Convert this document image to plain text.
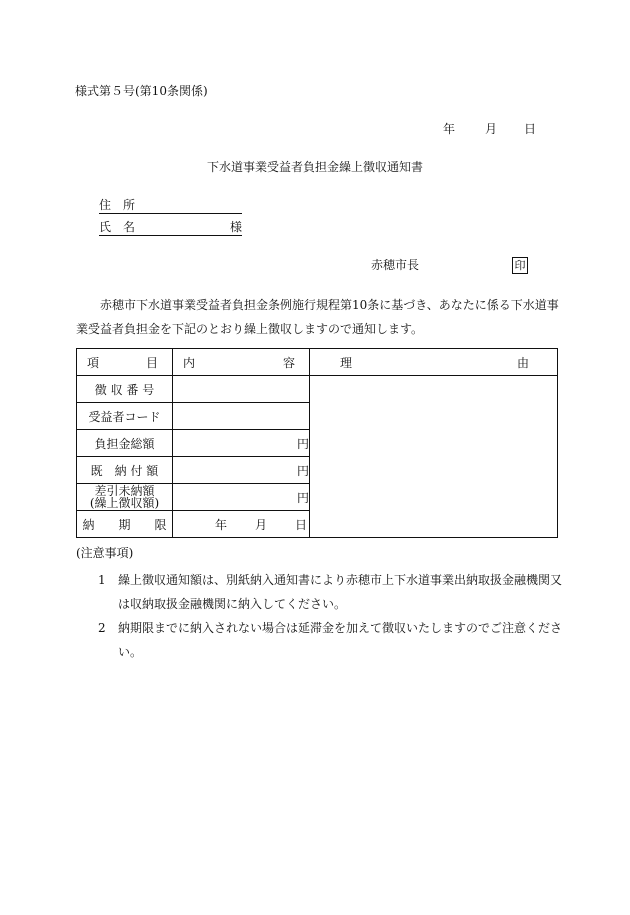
様式第５号(第10条関係)
年	月 日
下水道事業受益者負担金繰上徴収通知書
住　所
氏　名	様
赤穂市長	印
赤穂市下水道事業受益者負担金条例施行規程第10条に基づき、あなたに係る下水道事業受益者負担金を下記のとおり繰上徴収しますので通知します。
項 目	内 容	理 由

徴 収 番 号		
受益者コード		
負担金総額	円	
既　納 付 額	円	

差引未納額
(繰上徴収額)	円	
納　　期　　限	年 月 日	
(注意事項)
1	繰上徴収通知額は、別紙納入通知書により赤穂市上下水道事業出納取扱金融機関又は収納取扱金融機関に納入してください。
2	納期限までに納入されない場合は延滞金を加えて徴収いたしますのでご注意ください。
